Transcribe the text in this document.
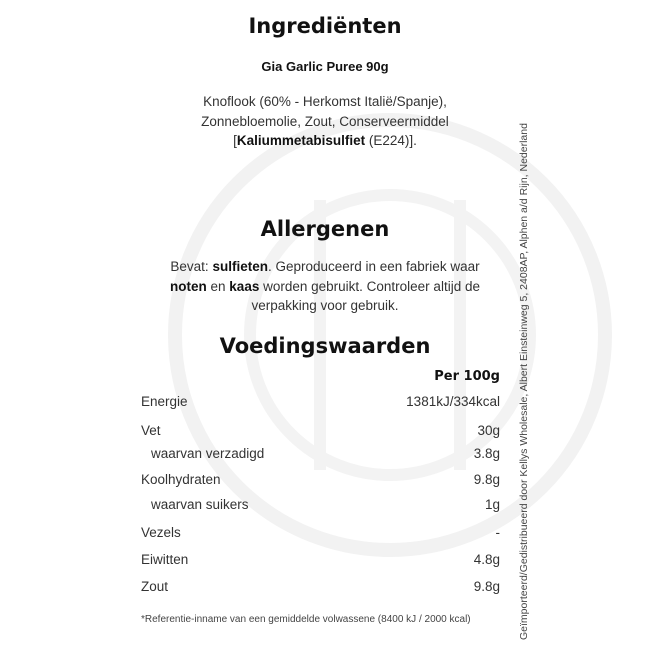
Ingrediënten
Gia Garlic Puree 90g
Knoflook (60% - Herkomst Italië/Spanje),
Zonnebloemolie, Zout, Conserveermiddel
[Kaliummetabisulfiet (E224)].
Allergenen
Bevat: sulfieten. Geproduceerd in een fabriek waar
noten en kaas worden gebruikt. Controleer altijd de
verpakking voor gebruik.
Voedingswaarden
Per 100g
Energie	1381kJ/334kcal
Vet	30g
waarvan verzadigd	3.8g
Koolhydraten	9.8g
waarvan suikers	1g
Vezels	-
Eiwitten	4.8g
Zout	9.8g
*Referentie-inname van een gemiddelde volwassene (8400 kJ / 2000 kcal)	Geïmporteerd/Gedistribueerd door Kellys Wholesale, Albert Einsteinweg 5, 2408AP, Alphen a/d Rijn, Nederland
